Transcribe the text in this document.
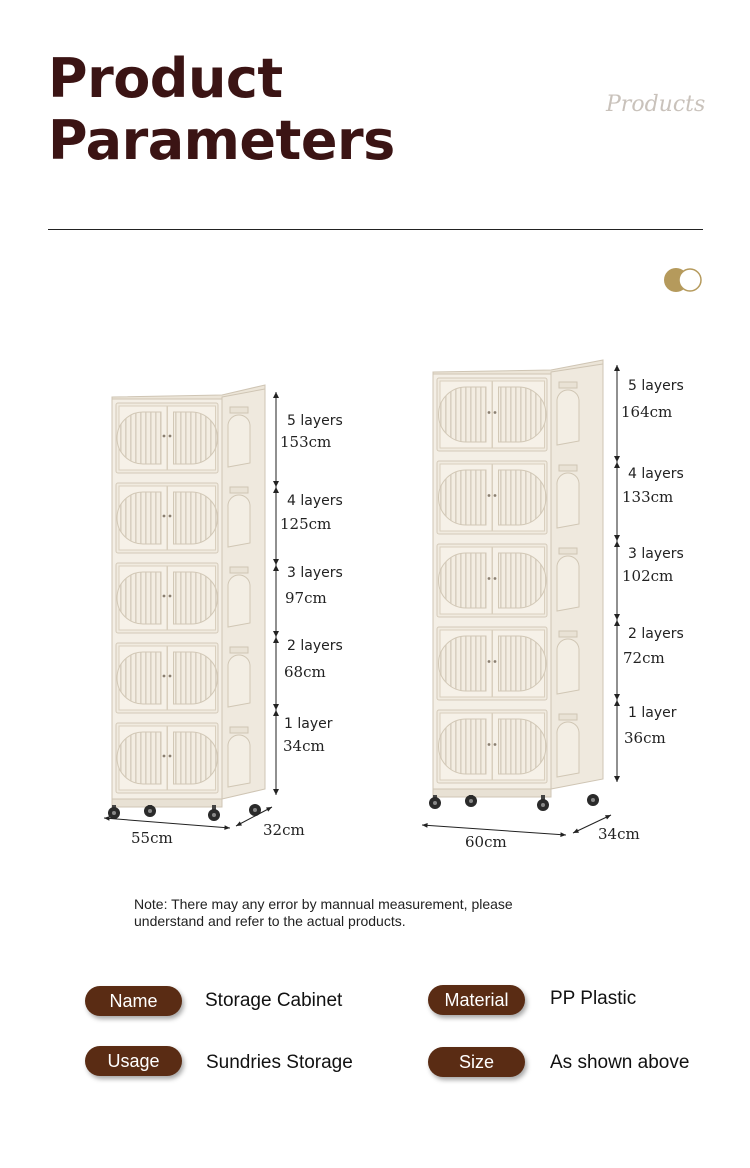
Product
Parameters
Products
5 layers
153cm
4 layers
125cm
3 layers
97cm
2 layers
68cm
1 layer
34cm
55cm	32cm
5 layers
164cm
4 layers
133cm
3 layers
102cm
2 layers
72cm
1 layer
36cm
60cm	34cm
Note: There may any error by mannual measurement, please
understand and refer to the actual products.
Name	Storage Cabinet	Material	PP Plastic
Usage	Sundries Storage	Size	As shown above
